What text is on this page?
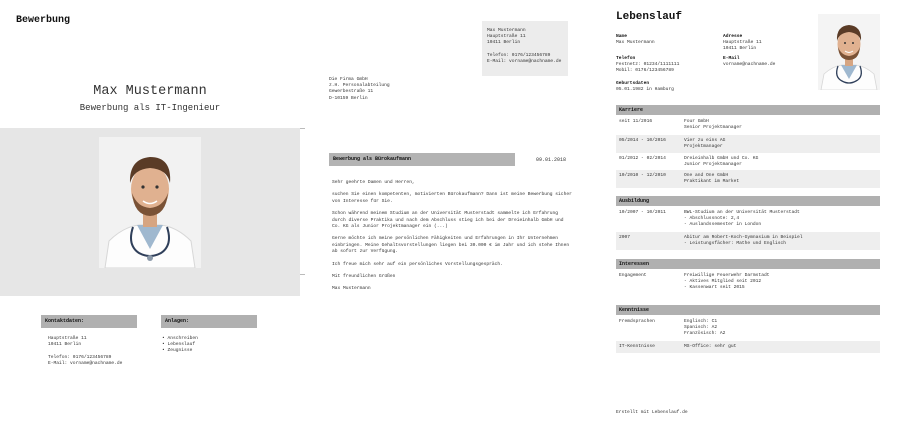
Bewerbung
Max Mustermann
Bewerbung als IT-Ingenieur
Kontaktdaten:	Anlagen:
Hauptstraße 11
10411 Berlin

Telefon: 0176/123456789
E-Mail: vorname@nachname.de
• Anschreiben
• Lebenslauf
• Zeugnisse
Max Mustermann
Hauptstraße 11
10411 Berlin

Telefon: 0176/123456789
E-Mail: vorname@nachname.de
Die Firma GmbH
z.H. Personalabteilung
Gewerbestraße 11
D-10159 Berlin
Bewerbung als Bürokaufmann	09.01.2018

Sehr geehrte Damen und Herren,

suchen Sie einen kompetenten, motivierten Bürokaufmann? Dann ist meine Bewerbung sicher von Interesse für Sie.

Schon während meinem Studium an der Universität Musterstadt sammelte ich Erfahrung durch diverse Praktika und nach dem Abschluss stieg ich bei der Dreieinhalb GmbH und Co. KG als Junior Projektmanager ein (...)

Gerne möchte ich meine persönlichen Fähigkeiten und Erfahrungen in Ihr Unternehmen einbringen. Meine Gehaltsvorstellungen liegen bei 30.000 € im Jahr und ich stehe Ihnen ab sofort zur Verfügung.

Ich freue mich sehr auf ein persönliches Vorstellungsgespräch.

Mit freundlichen Grüßen

Max Mustermann

Lebenslauf
Name
Max Mustermann
Adresse
Hauptstraße 11
10411 Berlin
Telefon
Festnetz: 01234/1111111
Mobil: 0176/123456789
E-Mail
vorname@nachname.de
Geburtsdaten
05.01.1982 in Hamburg
Karriere
seit 11/2016	Four GmbH
Senior Projektmanager
05/2014 - 10/2016	Vier zu eins AG
Projektmanager
01/2012 - 02/2014	Dreieinhalb GmbH und Co. KG
Junior Projektmanager
10/2010 - 12/2010	One and One GmbH
Praktikant im Market
Ausbildung
10/2007 - 10/2011	BWL-Studium an der Universität Musterstadt
- Abschlussnote: 2,4
- Auslandssemester in London
2007	Abitur am Robert-Koch-Gymnasium in Beispiel
- Leistungsfächer: Mathe und Englisch
Interessen
Engagement	Freiwillige Feuerwehr Darmstadt
- Aktives Mitglied seit 2012
- Kassenwart seit 2015
Kenntnisse
Fremdsprachen	Englisch: C1
Spanisch: A2
Französisch: A2
IT-Kenntnisse	MS-Office: sehr gut
Erstellt mit Lebenslauf.de
